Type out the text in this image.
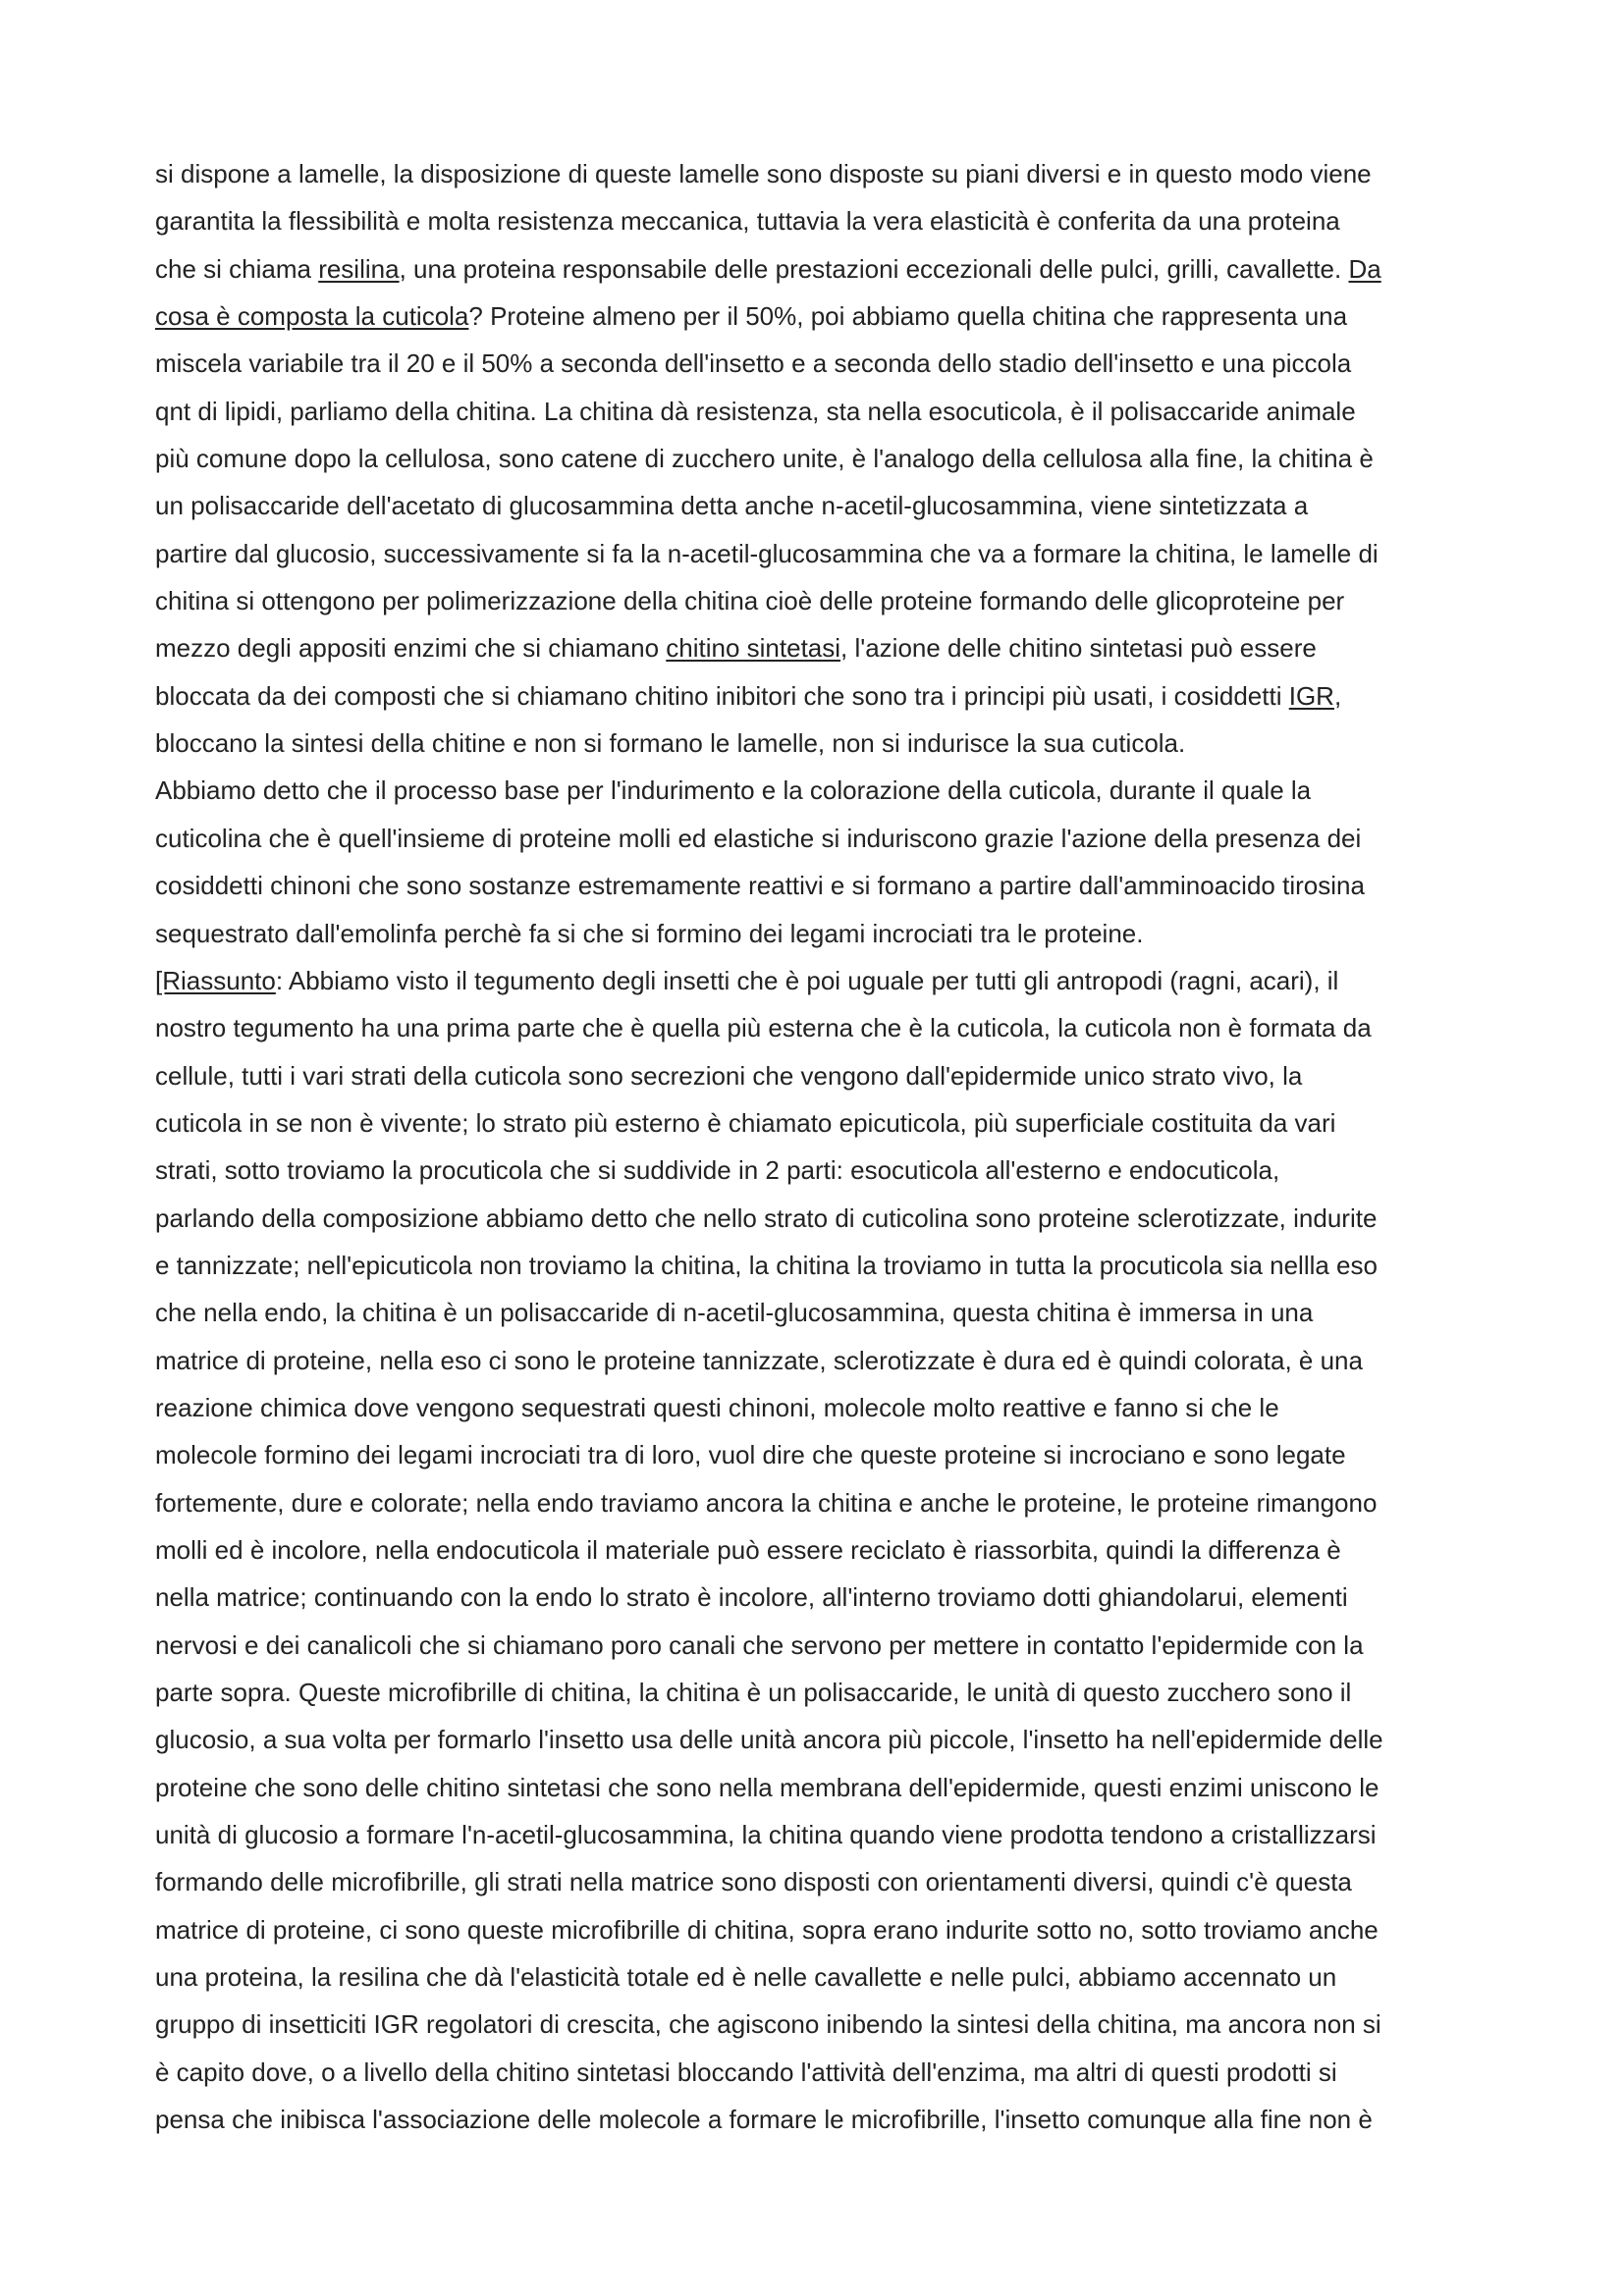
si dispone a lamelle, la disposizione di queste lamelle sono disposte su piani diversi e in questo modo viene
garantita la flessibilità e molta resistenza meccanica, tuttavia la vera elasticità è conferita da una proteina
che si chiama resilina, una proteina responsabile delle prestazioni eccezionali delle pulci, grilli, cavallette. Da
cosa è composta la cuticola? Proteine almeno per il 50%, poi abbiamo quella chitina che rappresenta una
miscela variabile tra il 20 e il 50% a seconda dell'insetto e a seconda dello stadio dell'insetto e una piccola
qnt di lipidi, parliamo della chitina. La chitina dà resistenza, sta nella esocuticola, è il polisaccaride animale
più comune dopo la cellulosa, sono catene di zucchero unite, è l'analogo della cellulosa alla fine, la chitina è
un polisaccaride dell'acetato di glucosammina detta anche n-acetil-glucosammina, viene sintetizzata a
partire dal glucosio, successivamente si fa la n-acetil-glucosammina che va a formare la chitina, le lamelle di
chitina si ottengono per polimerizzazione della chitina cioè delle proteine formando delle glicoproteine per
mezzo degli appositi enzimi che si chiamano chitino sintetasi, l'azione delle chitino sintetasi può essere
bloccata da dei composti che si chiamano chitino inibitori che sono tra i principi più usati, i cosiddetti IGR,
bloccano la sintesi della chitine e non si formano le lamelle, non si indurisce la sua cuticola.
Abbiamo detto che il processo base per l'indurimento e la colorazione della cuticola, durante il quale la
cuticolina che è quell'insieme di proteine molli ed elastiche si induriscono grazie l'azione della presenza dei
cosiddetti chinoni che sono sostanze estremamente reattivi e si formano a partire dall'amminoacido tirosina
sequestrato dall'emolinfa perchè fa si che si formino dei legami incrociati tra le proteine.
[Riassunto: Abbiamo visto il tegumento degli insetti che è poi uguale per tutti gli antropodi (ragni, acari), il
nostro tegumento ha una prima parte che è quella più esterna che è la cuticola, la cuticola non è formata da
cellule, tutti i vari strati della cuticola sono secrezioni che vengono dall'epidermide unico strato vivo, la
cuticola in se non è vivente; lo strato più esterno è chiamato epicuticola, più superficiale costituita da vari
strati, sotto troviamo la procuticola che si suddivide in 2 parti: esocuticola all'esterno e endocuticola,
parlando della composizione abbiamo detto che nello strato di cuticolina sono proteine sclerotizzate, indurite
e tannizzate; nell'epicuticola non troviamo la chitina, la chitina la troviamo in tutta la procuticola sia nellla eso
che nella endo, la chitina è un polisaccaride di n-acetil-glucosammina, questa chitina è immersa in una
matrice di proteine, nella eso ci sono le proteine tannizzate, sclerotizzate è dura ed è quindi colorata, è una
reazione chimica dove vengono sequestrati questi chinoni, molecole molto reattive e fanno si che le
molecole formino dei legami incrociati tra di loro, vuol dire che queste proteine si incrociano e sono legate
fortemente, dure e colorate; nella endo traviamo ancora la chitina e anche le proteine, le proteine rimangono
molli ed è incolore, nella endocuticola il materiale può essere reciclato è riassorbita, quindi la differenza è
nella matrice; continuando con la endo lo strato è incolore, all'interno troviamo dotti ghiandolarui, elementi
nervosi e dei canalicoli che si chiamano poro canali che servono per mettere in contatto l'epidermide con la
parte sopra. Queste microfibrille di chitina, la chitina è un polisaccaride, le unità di questo zucchero sono il
glucosio, a sua volta per formarlo l'insetto usa delle unità ancora più piccole, l'insetto ha nell'epidermide delle
proteine che sono delle chitino sintetasi che sono nella membrana dell'epidermide, questi enzimi uniscono le
unità di glucosio a formare l'n-acetil-glucosammina, la chitina quando viene prodotta tendono a cristallizzarsi
formando delle microfibrille, gli strati nella matrice sono disposti con orientamenti diversi, quindi c'è questa
matrice di proteine, ci sono queste microfibrille di chitina, sopra erano indurite sotto no, sotto troviamo anche
una proteina, la resilina che dà l'elasticità totale ed è nelle cavallette e nelle pulci, abbiamo accennato un
gruppo di insetticiti IGR regolatori di crescita, che agiscono inibendo la sintesi della chitina, ma ancora non si
è capito dove, o a livello della chitino sintetasi bloccando l'attività dell'enzima, ma altri di questi prodotti si
pensa che inibisca l'associazione delle molecole a formare le microfibrille, l'insetto comunque alla fine non è
